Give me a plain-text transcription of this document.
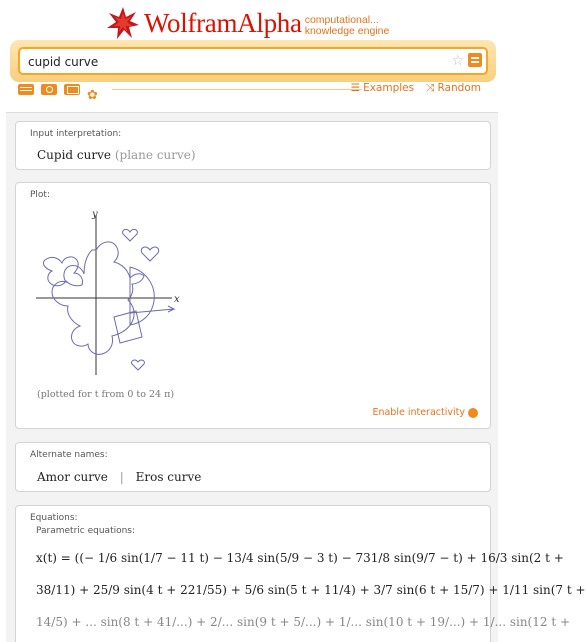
WolframAlpha computational...
knowledge engine
cupid curve
☆
✿
☰ Examples ⤨ Random
Input interpretation:
Cupid curve (plane curve)
Plot:
x
y
(plotted for t from 0 to 24 π)
Enable interactivity
Alternate names:
Amor curve | Eros curve
Equations:
Parametric equations:
x(t) = ((− 1/6 sin(1/7 − 11 t) − 13/4 sin(5/9 − 3 t) − 731/8 sin(9/7 − t) + 16/3 sin(2 t +
38/11) + 25/9 sin(4 t + 221/55) + 5/6 sin(5 t + 11/4) + 3/7 sin(6 t + 15/7) + 1/11 sin(7 t +
14/5) + ... sin(8 t + 41/...) + 2/... sin(9 t + 5/...) + 1/... sin(10 t + 19/...) + 1/... sin(12 t +
